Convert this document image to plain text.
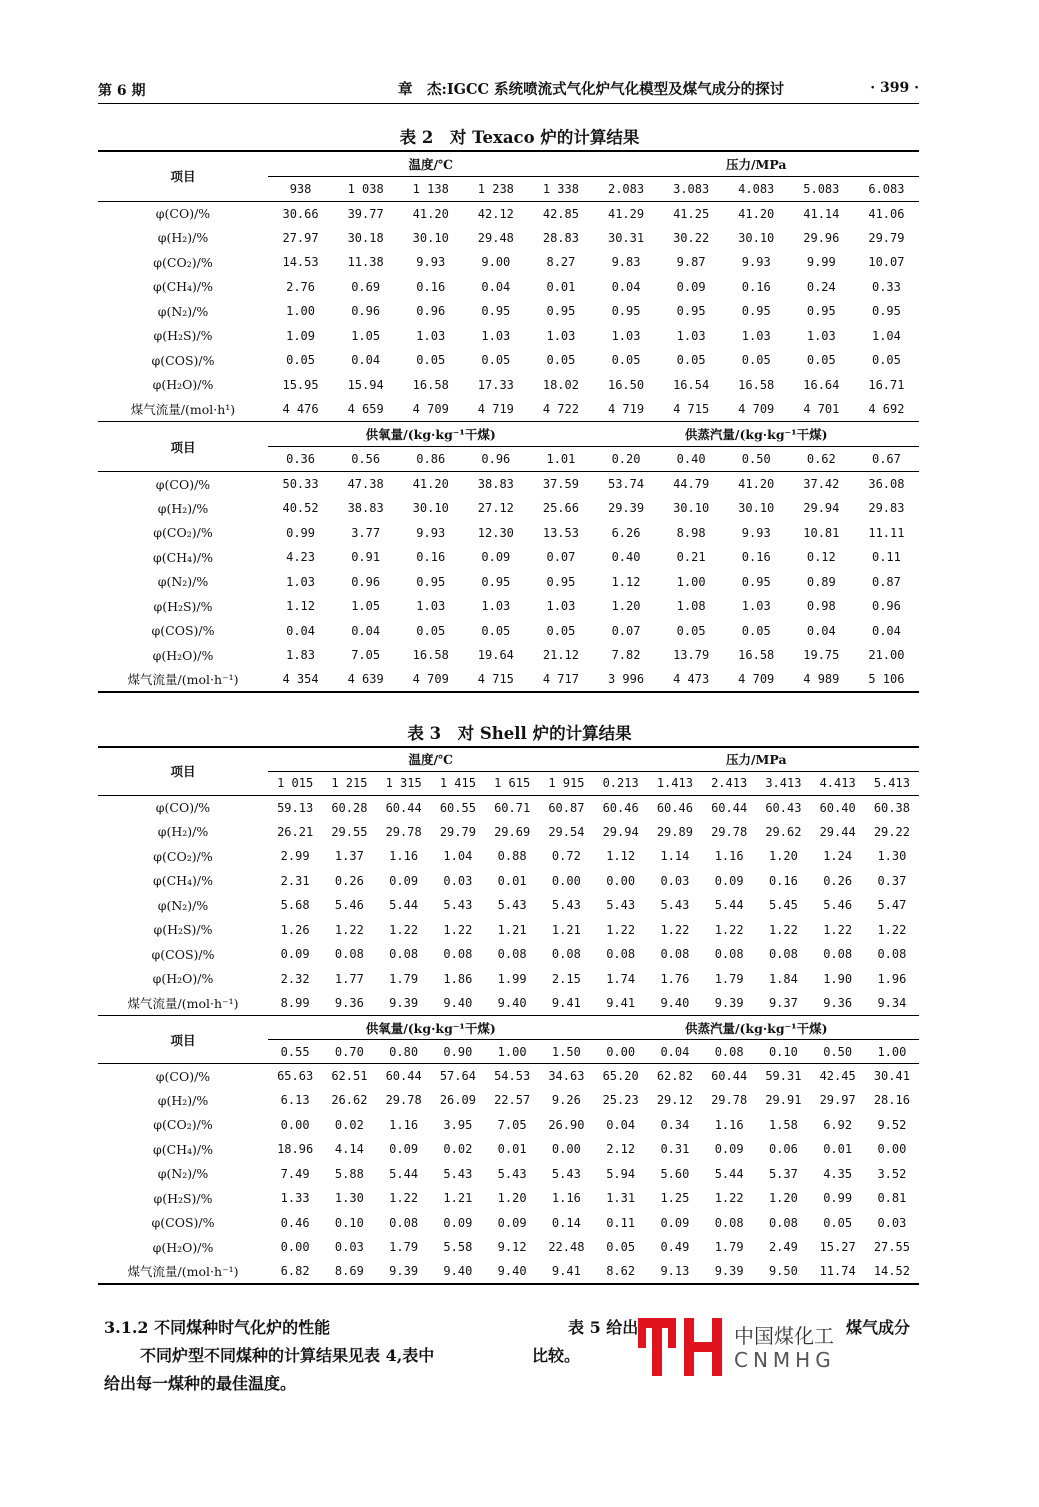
第 6 期	章　杰:IGCC 系统喷流式气化炉气化模型及煤气成分的探讨	· 399 ·
表 2　对 Texaco 炉的计算结果
项目	温度/℃					压力/MPa				
	938	1 038	1 138	1 238	1 338	2.083	3.083	4.083	5.083	6.083
φ(CO)/%	30.66	39.77	41.20	42.12	42.85	41.29	41.25	41.20	41.14	41.06
φ(H₂)/%	27.97	30.18	30.10	29.48	28.83	30.31	30.22	30.10	29.96	29.79
φ(CO₂)/%	14.53	11.38	9.93	9.00	8.27	9.83	9.87	9.93	9.99	10.07
φ(CH₄)/%	2.76	0.69	0.16	0.04	0.01	0.04	0.09	0.16	0.24	0.33
φ(N₂)/%	1.00	0.96	0.96	0.95	0.95	0.95	0.95	0.95	0.95	0.95
φ(H₂S)/%	1.09	1.05	1.03	1.03	1.03	1.03	1.03	1.03	1.03	1.04
φ(COS)/%	0.05	0.04	0.05	0.05	0.05	0.05	0.05	0.05	0.05	0.05
φ(H₂O)/%	15.95	15.94	16.58	17.33	18.02	16.50	16.54	16.58	16.64	16.71
煤气流量/(mol·h¹)	4 476	4 659	4 709	4 719	4 722	4 719	4 715	4 709	4 701	4 692
项目	供氧量/(kg·kg⁻¹干煤)					供蒸汽量/(kg·kg⁻¹干煤)				
	0.36	0.56	0.86	0.96	1.01	0.20	0.40	0.50	0.62	0.67
φ(CO)/%	50.33	47.38	41.20	38.83	37.59	53.74	44.79	41.20	37.42	36.08
φ(H₂)/%	40.52	38.83	30.10	27.12	25.66	29.39	30.10	30.10	29.94	29.83
φ(CO₂)/%	0.99	3.77	9.93	12.30	13.53	6.26	8.98	9.93	10.81	11.11
φ(CH₄)/%	4.23	0.91	0.16	0.09	0.07	0.40	0.21	0.16	0.12	0.11
φ(N₂)/%	1.03	0.96	0.95	0.95	0.95	1.12	1.00	0.95	0.89	0.87
φ(H₂S)/%	1.12	1.05	1.03	1.03	1.03	1.20	1.08	1.03	0.98	0.96
φ(COS)/%	0.04	0.04	0.05	0.05	0.05	0.07	0.05	0.05	0.04	0.04
φ(H₂O)/%	1.83	7.05	16.58	19.64	21.12	7.82	13.79	16.58	19.75	21.00
煤气流量/(mol·h⁻¹)	4 354	4 639	4 709	4 715	4 717	3 996	4 473	4 709	4 989	5 106
表 3　对 Shell 炉的计算结果
项目	温度/℃						压力/MPa					
	1 015	1 215	1 315	1 415	1 615	1 915	0.213	1.413	2.413	3.413	4.413	5.413
φ(CO)/%	59.13	60.28	60.44	60.55	60.71	60.87	60.46	60.46	60.44	60.43	60.40	60.38
φ(H₂)/%	26.21	29.55	29.78	29.79	29.69	29.54	29.94	29.89	29.78	29.62	29.44	29.22
φ(CO₂)/%	2.99	1.37	1.16	1.04	0.88	0.72	1.12	1.14	1.16	1.20	1.24	1.30
φ(CH₄)/%	2.31	0.26	0.09	0.03	0.01	0.00	0.00	0.03	0.09	0.16	0.26	0.37
φ(N₂)/%	5.68	5.46	5.44	5.43	5.43	5.43	5.43	5.43	5.44	5.45	5.46	5.47
φ(H₂S)/%	1.26	1.22	1.22	1.22	1.21	1.21	1.22	1.22	1.22	1.22	1.22	1.22
φ(COS)/%	0.09	0.08	0.08	0.08	0.08	0.08	0.08	0.08	0.08	0.08	0.08	0.08
φ(H₂O)/%	2.32	1.77	1.79	1.86	1.99	2.15	1.74	1.76	1.79	1.84	1.90	1.96
煤气流量/(mol·h⁻¹)	8.99	9.36	9.39	9.40	9.40	9.41	9.41	9.40	9.39	9.37	9.36	9.34
项目	供氧量/(kg·kg⁻¹干煤)						供蒸汽量/(kg·kg⁻¹干煤)					
	0.55	0.70	0.80	0.90	1.00	1.50	0.00	0.04	0.08	0.10	0.50	1.00
φ(CO)/%	65.63	62.51	60.44	57.64	54.53	34.63	65.20	62.82	60.44	59.31	42.45	30.41
φ(H₂)/%	6.13	26.62	29.78	26.09	22.57	9.26	25.23	29.12	29.78	29.91	29.97	28.16
φ(CO₂)/%	0.00	0.02	1.16	3.95	7.05	26.90	0.04	0.34	1.16	1.58	6.92	9.52
φ(CH₄)/%	18.96	4.14	0.09	0.02	0.01	0.00	2.12	0.31	0.09	0.06	0.01	0.00
φ(N₂)/%	7.49	5.88	5.44	5.43	5.43	5.43	5.94	5.60	5.44	5.37	4.35	3.52
φ(H₂S)/%	1.33	1.30	1.22	1.21	1.20	1.16	1.31	1.25	1.22	1.20	0.99	0.81
φ(COS)/%	0.46	0.10	0.08	0.09	0.09	0.14	0.11	0.09	0.08	0.08	0.05	0.03
φ(H₂O)/%	0.00	0.03	1.79	5.58	9.12	22.48	0.05	0.49	1.79	2.49	15.27	27.55
煤气流量/(mol·h⁻¹)	6.82	8.69	9.39	9.40	9.40	9.41	8.62	9.13	9.39	9.50	11.74	14.52
3.1.2 不同煤种时气化炉的性能
不同炉型不同煤种的计算结果见表 4,表中
给出每一煤种的最佳温度。
表 5 给出	煤气成分
比较。
中国煤化工
CNMHG
